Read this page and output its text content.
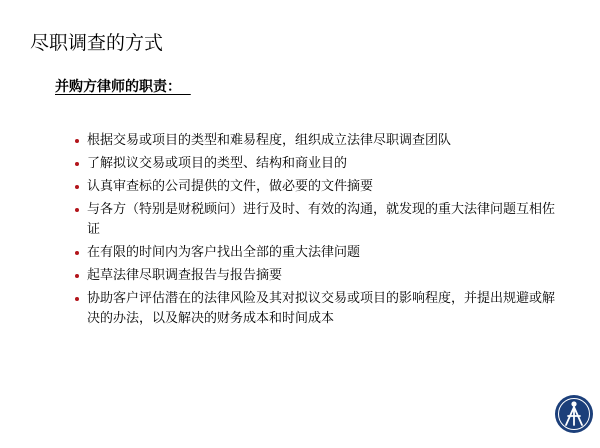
尽职调查的方式
并购方律师的职责：
根据交易或项目的类型和难易程度，组织成立法律尽职调查团队
了解拟议交易或项目的类型、结构和商业目的
认真审查标的公司提供的文件，做必要的文件摘要
与各方（特别是财税顾问）进行及时、有效的沟通，就发现的重大法律问题互相佐证
在有限的时间内为客户找出全部的重大法律问题
起草法律尽职调查报告与报告摘要
协助客户评估潜在的法律风险及其对拟议交易或项目的影响程度，并提出规避或解决的办法，以及解决的财务成本和时间成本
